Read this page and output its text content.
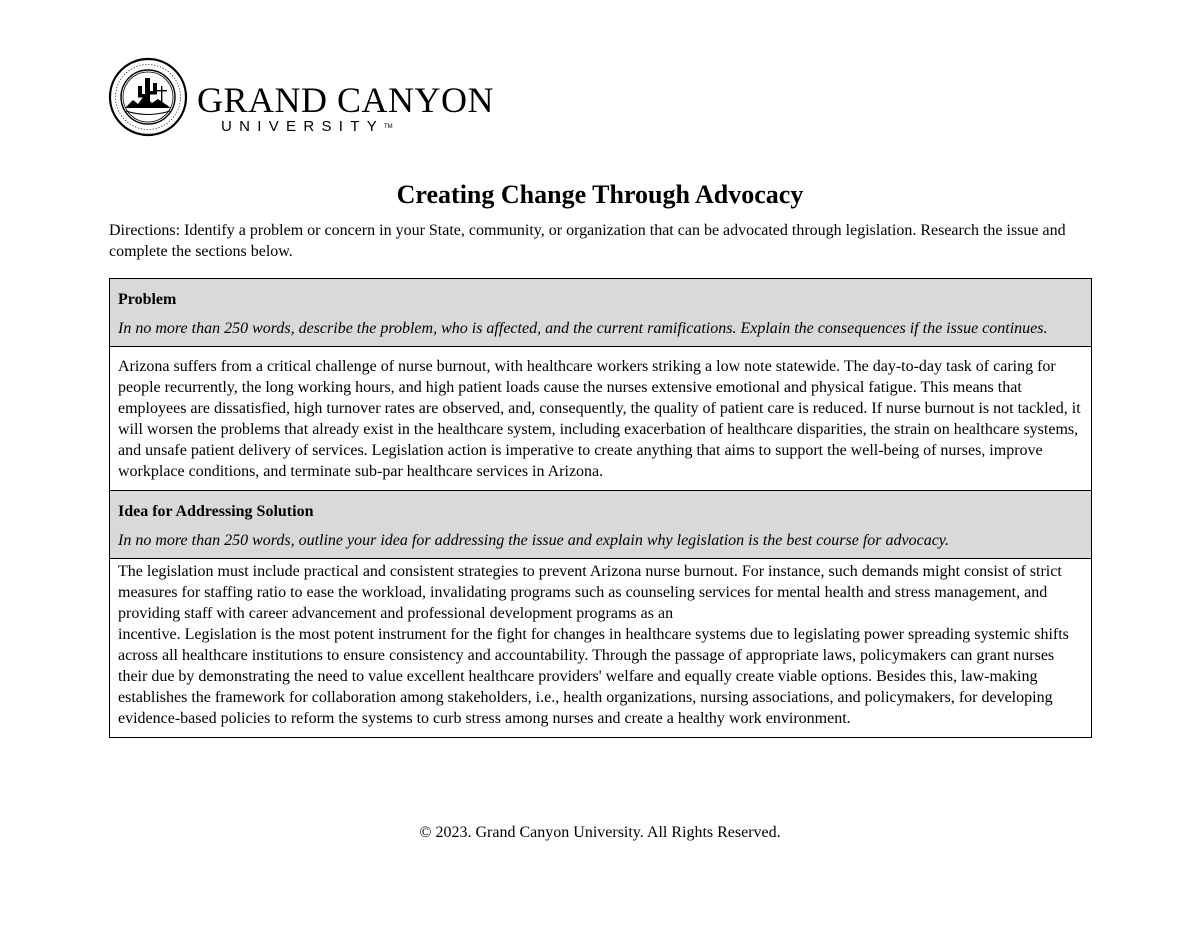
GRAND CANYON
UNIVERSITY™
Creating Change Through Advocacy

Directions: Identify a problem or concern in your State, community, or organization that can be advocated through legislation. Research the issue and complete the sections below.

Problem

In no more than 250 words, describe the problem, who is affected, and the current ramifications. Explain the consequences if the issue continues.

Arizona suffers from a critical challenge of nurse burnout, with healthcare workers striking a low note statewide. The day-to-day task of caring for people recurrently, the long working hours, and high patient loads cause the nurses extensive emotional and physical fatigue. This means that employees are dissatisfied, high turnover rates are observed, and, consequently, the quality of patient care is reduced. If nurse burnout is not tackled, it will worsen the problems that already exist in the healthcare system, including exacerbation of healthcare disparities, the strain on healthcare systems, and unsafe patient delivery of services. Legislation action is imperative to create anything that aims to support the well-being of nurses, improve workplace conditions, and terminate sub-par healthcare services in Arizona.

Idea for Addressing Solution

In no more than 250 words, outline your idea for addressing the issue and explain why legislation is the best course for advocacy.

The legislation must include practical and consistent strategies to prevent Arizona nurse burnout. For instance, such demands might consist of strict measures for staffing ratio to ease the workload, invalidating programs such as counseling services for mental health and stress management, and providing staff with career advancement and professional development programs as an
incentive. Legislation is the most potent instrument for the fight for changes in healthcare systems due to legislating power spreading systemic shifts across all healthcare institutions to ensure consistency and accountability. Through the passage of appropriate laws, policymakers can grant nurses their due by demonstrating the need to value excellent healthcare providers' welfare and equally create viable options. Besides this, law-making establishes the framework for collaboration among stakeholders, i.e., health organizations, nursing associations, and policymakers, for developing evidence-based policies to reform the systems to curb stress among nurses and create a healthy work environment.

© 2023. Grand Canyon University. All Rights Reserved.
